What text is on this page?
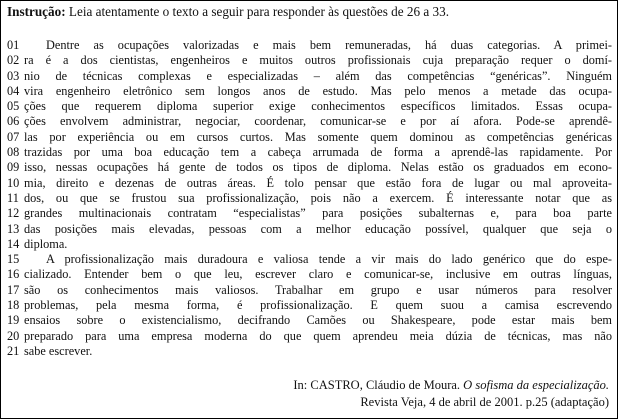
Instrução: Leia atentamente o texto a seguir para responder às questões de 26 a 33.
01	Dentre as ocupações valorizadas e mais bem remuneradas, há duas categorias. A primei-
02 ra é a dos cientistas, engenheiros e muitos outros profissionais cuja preparação requer o domí-
03 nio de técnicas complexas e especializadas – além das competências “genéricas”. Ninguém
04 vira engenheiro eletrônico sem longos anos de estudo. Mas pelo menos a metade das ocupa-
05 ções que requerem diploma superior exige conhecimentos específicos limitados. Essas ocupa-
06 ções envolvem administrar, negociar, coordenar, comunicar-se e por aí afora. Pode-se aprendê-
07 las por experiência ou em cursos curtos. Mas somente quem dominou as competências genéricas
08 trazidas por uma boa educação tem a cabeça arrumada de forma a aprendê-las rapidamente. Por
09 isso, nessas ocupações há gente de todos os tipos de diploma. Nelas estão os graduados em econo-
10 mia, direito e dezenas de outras áreas. É tolo pensar que estão fora de lugar ou mal aproveita-
11 dos, ou que se frustou sua profissionalização, pois não a exercem. É interessante notar que as
12 grandes multinacionais contratam “especialistas” para posições subalternas e, para boa parte
13 das posições mais elevadas, pessoas com a melhor educação possível, qualquer que seja o
14 diploma.
15	A profissionalização mais duradoura e valiosa tende a vir mais do lado genérico que do espe-
16 cializado. Entender bem o que leu, escrever claro e comunicar-se, inclusive em outras línguas,
17 são os conhecimentos mais valiosos. Trabalhar em grupo e usar números para resolver
18 problemas, pela mesma forma, é profissionalização. E quem suou a camisa escrevendo
19 ensaios sobre o existencialismo, decifrando Camões ou Shakespeare, pode estar mais bem
20 preparado para uma empresa moderna do que quem aprendeu meia dúzia de técnicas, mas não
21 sabe escrever.
In: CASTRO, Cláudio de Moura. O sofisma da especialização.
Revista Veja, 4 de abril de 2001. p.25 (adaptação)
